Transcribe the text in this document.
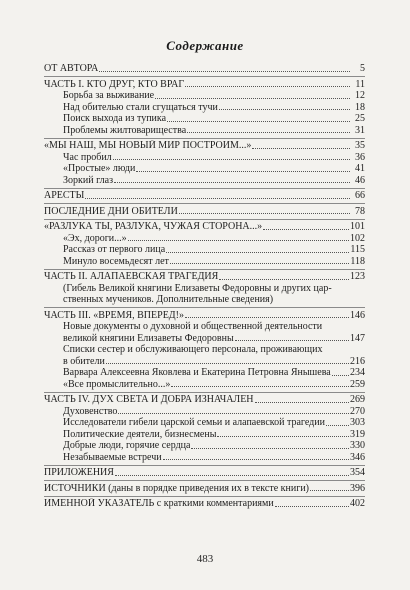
Содержание
ОТ АВТОРА	5
ЧАСТЬ I. КТО ДРУГ, КТО ВРАГ	11
Борьба за выживание	12
Над обителью стали сгущаться тучи	18
Поиск выхода из тупика	25
Проблемы жилтоварищества	31
«МЫ НАШ, МЫ НОВЫЙ МИР ПОСТРОИМ...»	35
Час пробил	36
«Простые» люди	41
Зоркий глаз	46
АРЕСТЫ	66
ПОСЛЕДНИЕ ДНИ ОБИТЕЛИ	78
«РАЗЛУКА ТЫ, РАЗЛУКА, ЧУЖАЯ СТОРОНА...»	101
«Эх, дороги...»	102
Рассказ от первого лица	115
Минуло восемьдесят лет	118
ЧАСТЬ II. АЛАПАЕВСКАЯ ТРАГЕДИЯ	123
(Гибель Великой княгини Елизаветы Федоровны и других цар-
ственных мучеников. Дополнительные сведения)
ЧАСТЬ III. «ВРЕМЯ, ВПЕРЕД!»	146
Новые документы о духовной и общественной деятельности
великой княгини Елизаветы Федоровны	147
Списки сестер и обслуживающего персонала, проживающих
в обители	216
Варвара Алексеевна Яковлева и Екатерина Петровна Янышева 234
«Все промыслительно...»	259
ЧАСТЬ IV. ДУХ СВЕТА И ДОБРА ИЗНАЧАЛЕН	269
Духовенство	270
Исследователи гибели царской семьи и алапаевской трагедии	303
Политические деятели, бизнесмены	319
Добрые люди, горячие сердца	330
Незабываемые встречи	346
ПРИЛОЖЕНИЯ	354
ИСТОЧНИКИ (даны в порядке приведения их в тексте книги)	396
ИМЕННОЙ УКАЗАТЕЛЬ с краткими комментариями	402
483
